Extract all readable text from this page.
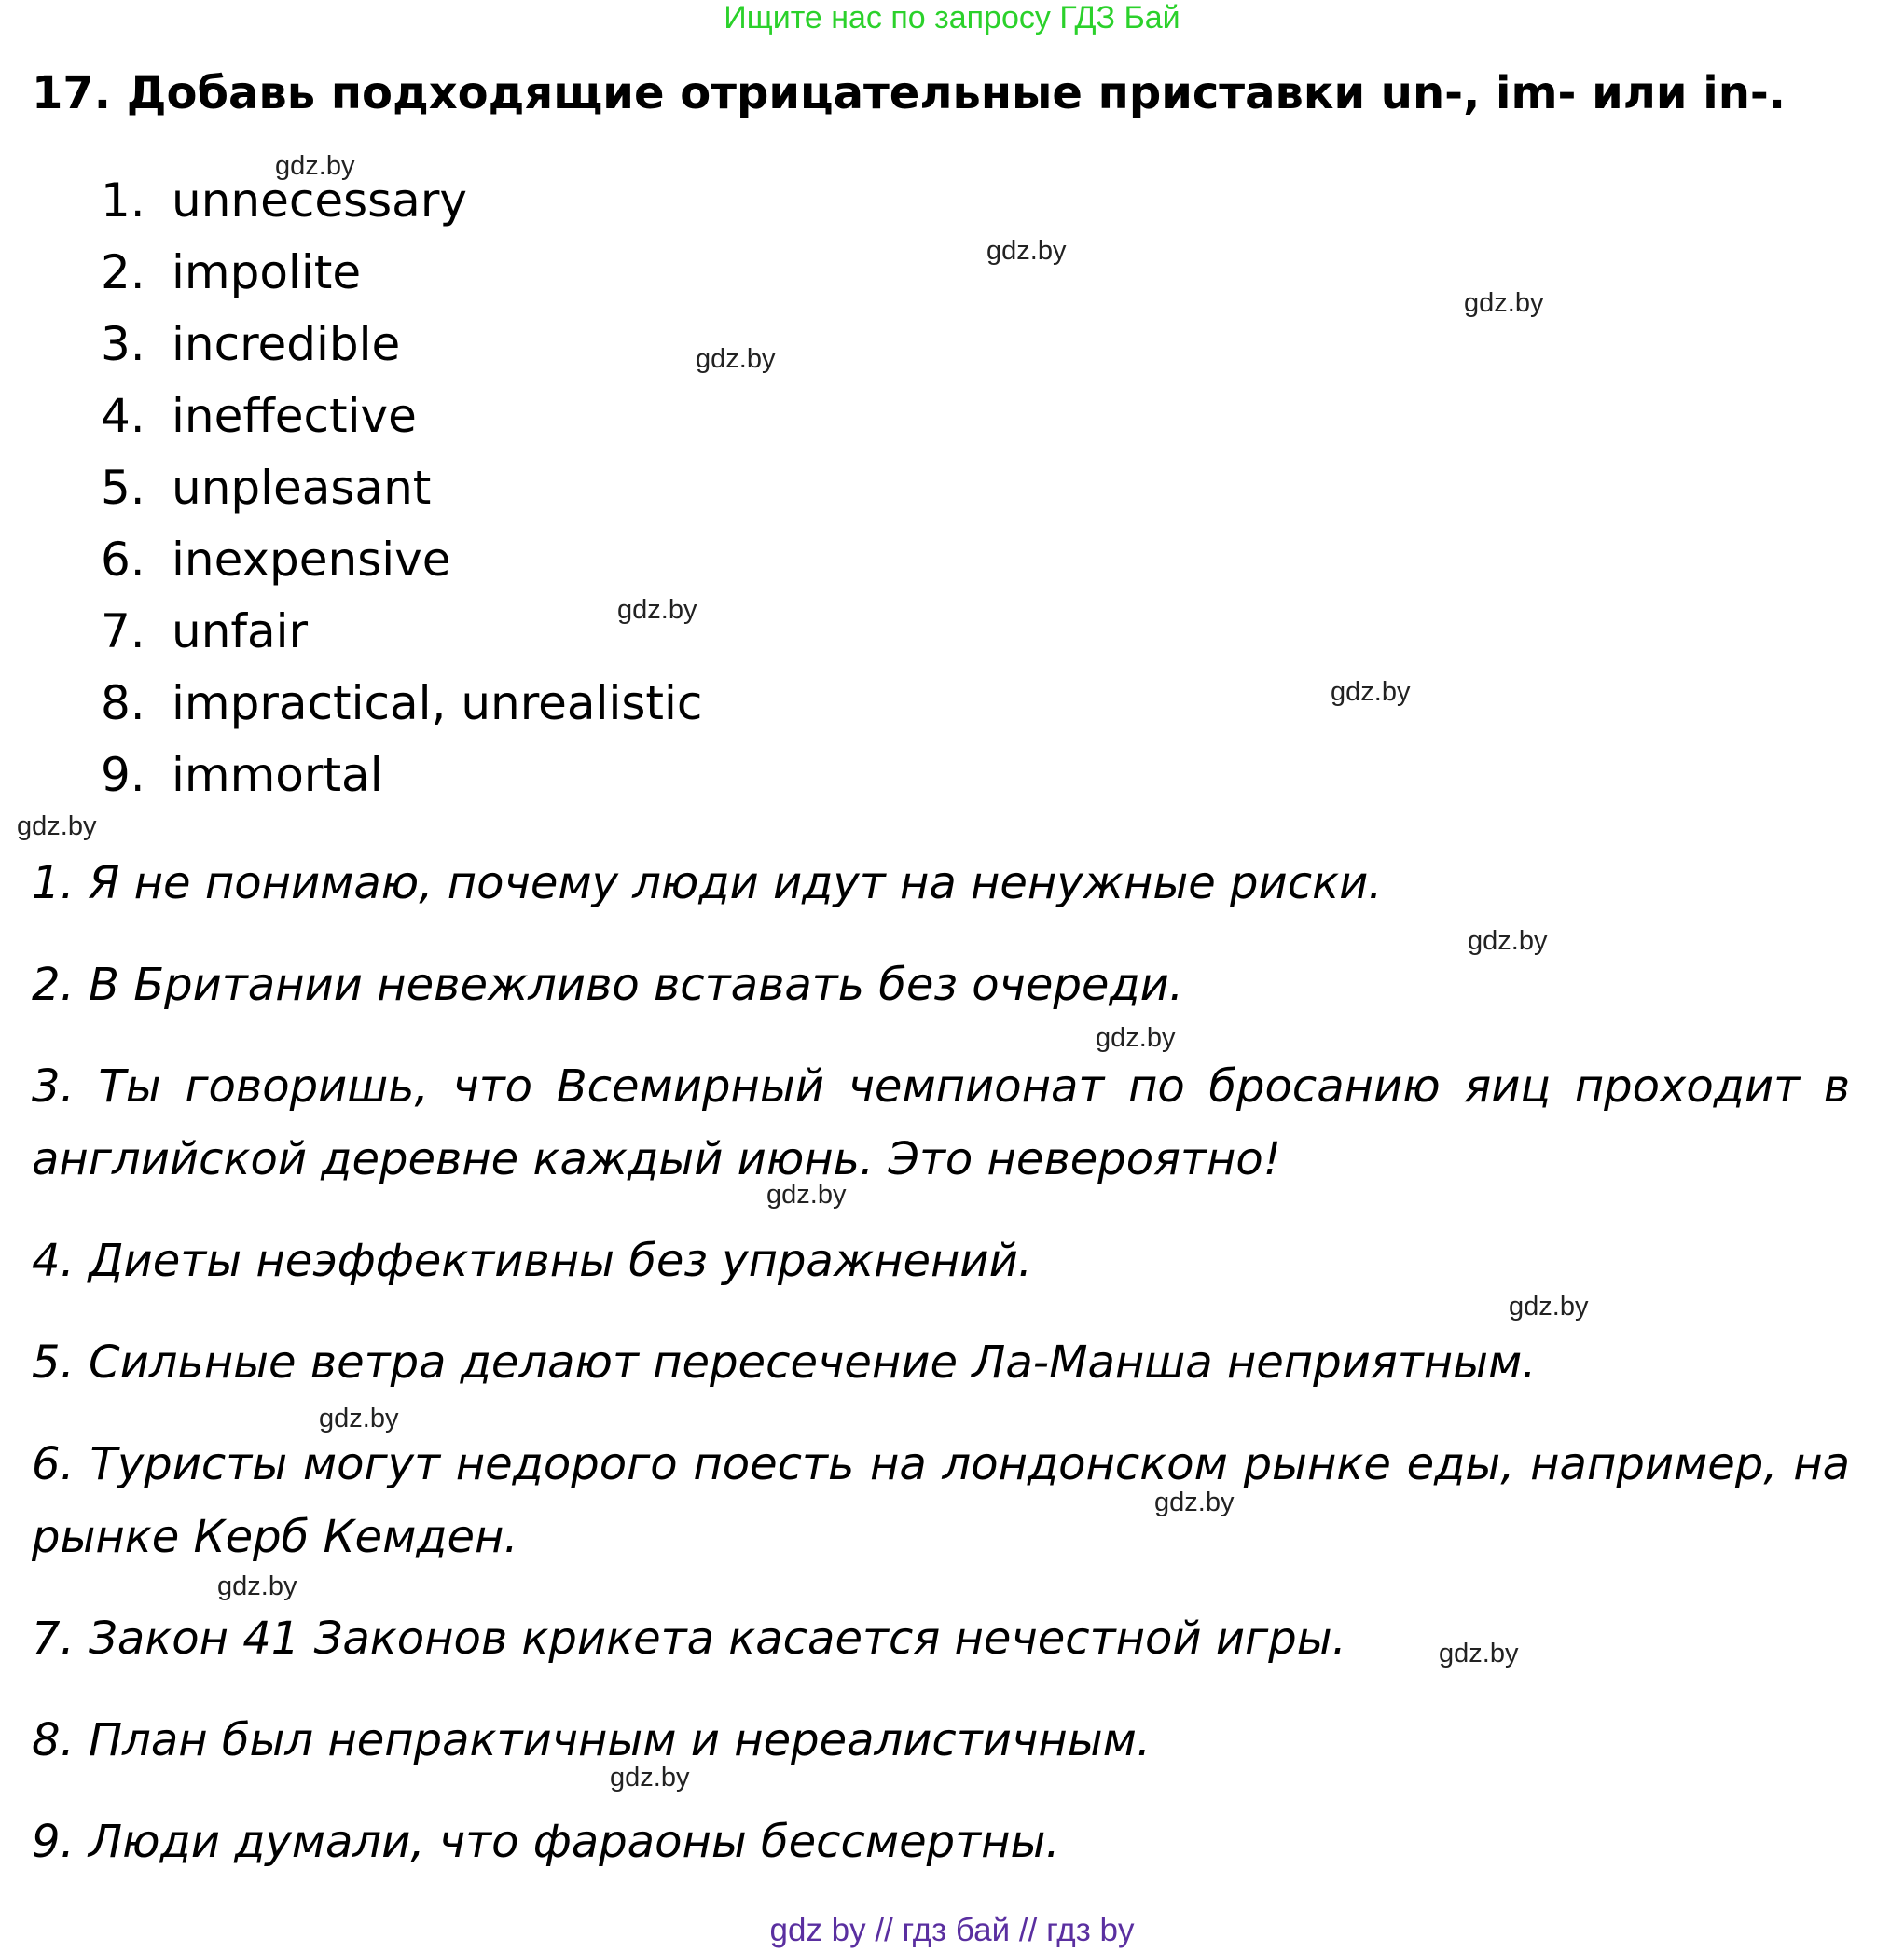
Ищите нас по запросу ГДЗ Бай
17. Добавь подходящие отрицательные приставки un-, im- или in-.
1. unnecessary
2. impolite
3. incredible
4. ineffective
5. unpleasant
6. inexpensive
7. unfair
8. impractical, unrealistic
9. immortal
1. Я не понимаю, почему люди идут на ненужные риски.
2. В Британии невежливо вставать без очереди.
3. Ты говоришь, что Всемирный чемпионат по бросанию яиц проходит в английской деревне каждый июнь. Это невероятно!
4. Диеты неэффективны без упражнений.
5. Сильные ветра делают пересечение Ла-Манша неприятным.
6. Туристы могут недорого поесть на лондонском рынке еды, например, на рынке Керб Кемден.
7. Закон 41 Законов крикета касается нечестной игры.
8. План был непрактичным и нереалистичным.
9. Люди думали, что фараоны бессмертны.
gdz.by
gdz.by
gdz.by
gdz.by
gdz.by
gdz.by
gdz.by
gdz.by
gdz.by
gdz.by
gdz.by
gdz.by
gdz.by
gdz.by
gdz.by
gdz.by
gdz by // гдз бай // гдз by
